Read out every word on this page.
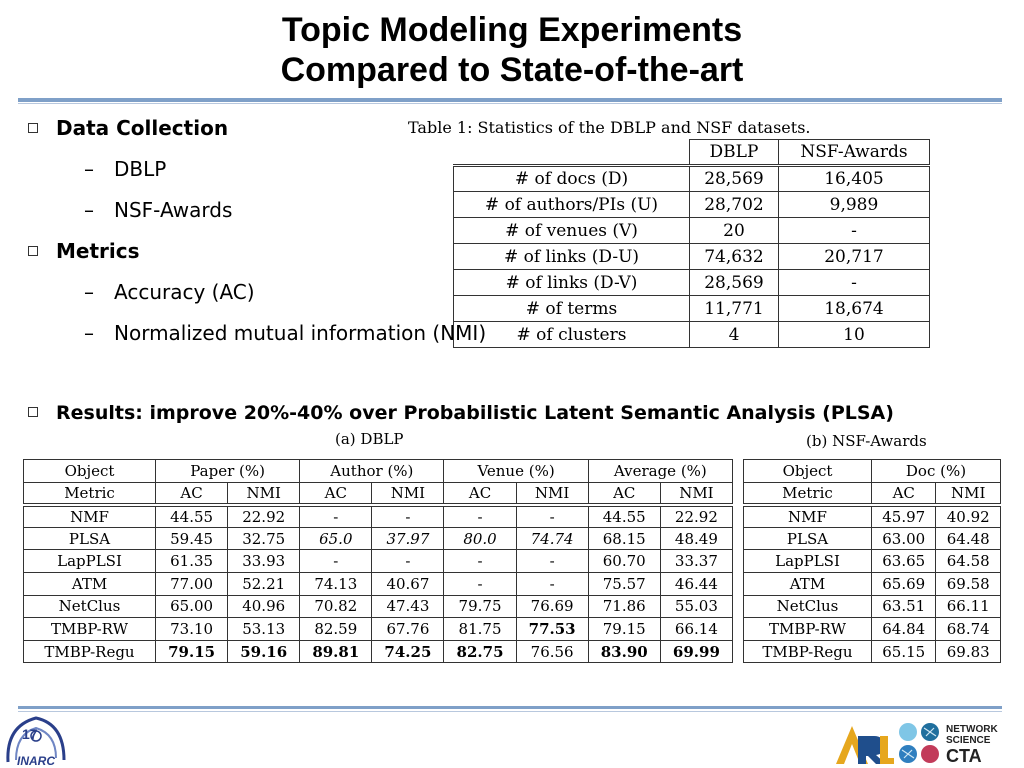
Topic Modeling Experiments
Compared to State-of-the-art
Data Collection
– DBLP
– NSF-Awards
Metrics
– Accuracy (AC)
– Normalized mutual information (NMI)
Table 1: Statistics of the DBLP and NSF datasets.
	DBLP	NSF-Awards
# of docs (D)	28,569	16,405
# of authors/PIs (U)	28,702	9,989
# of venues (V)	20	-
# of links (D-U)	74,632	20,717
# of links (D-V)	28,569	-
# of terms	11,771	18,674
# of clusters	4	10
Results: improve 20%-40% over Probabilistic Latent Semantic Analysis (PLSA)
(a) DBLP	(b) NSF-Awards
Object	Paper (%)		Author (%)		Venue (%)		Average (%)	
Metric	AC	NMI	AC	NMI	AC	NMI	AC	NMI
NMF	44.55	22.92	-	-	-	-	44.55	22.92
PLSA	59.45	32.75	65.0	37.97	80.0	74.74	68.15	48.49
LapPLSI	61.35	33.93	-	-	-	-	60.70	33.37
ATM	77.00	52.21	74.13	40.67	-	-	75.57	46.44
NetClus	65.00	40.96	70.82	47.43	79.75	76.69	71.86	55.03
TMBP-RW	73.10	53.13	82.59	67.76	81.75	77.53	79.15	66.14
TMBP-Regu	79.15	59.16	89.81	74.25	82.75	76.56	83.90	69.99
Object	Doc (%)	
Metric	AC	NMI
NMF	45.97	40.92
PLSA	63.00	64.48
LapPLSI	63.65	64.58
ATM	65.69	69.58
NetClus	63.51	66.11
TMBP-RW	64.84	68.74
TMBP-Regu	65.15	69.83
INARC
17	NETWORK
SCIENCE
CTA
